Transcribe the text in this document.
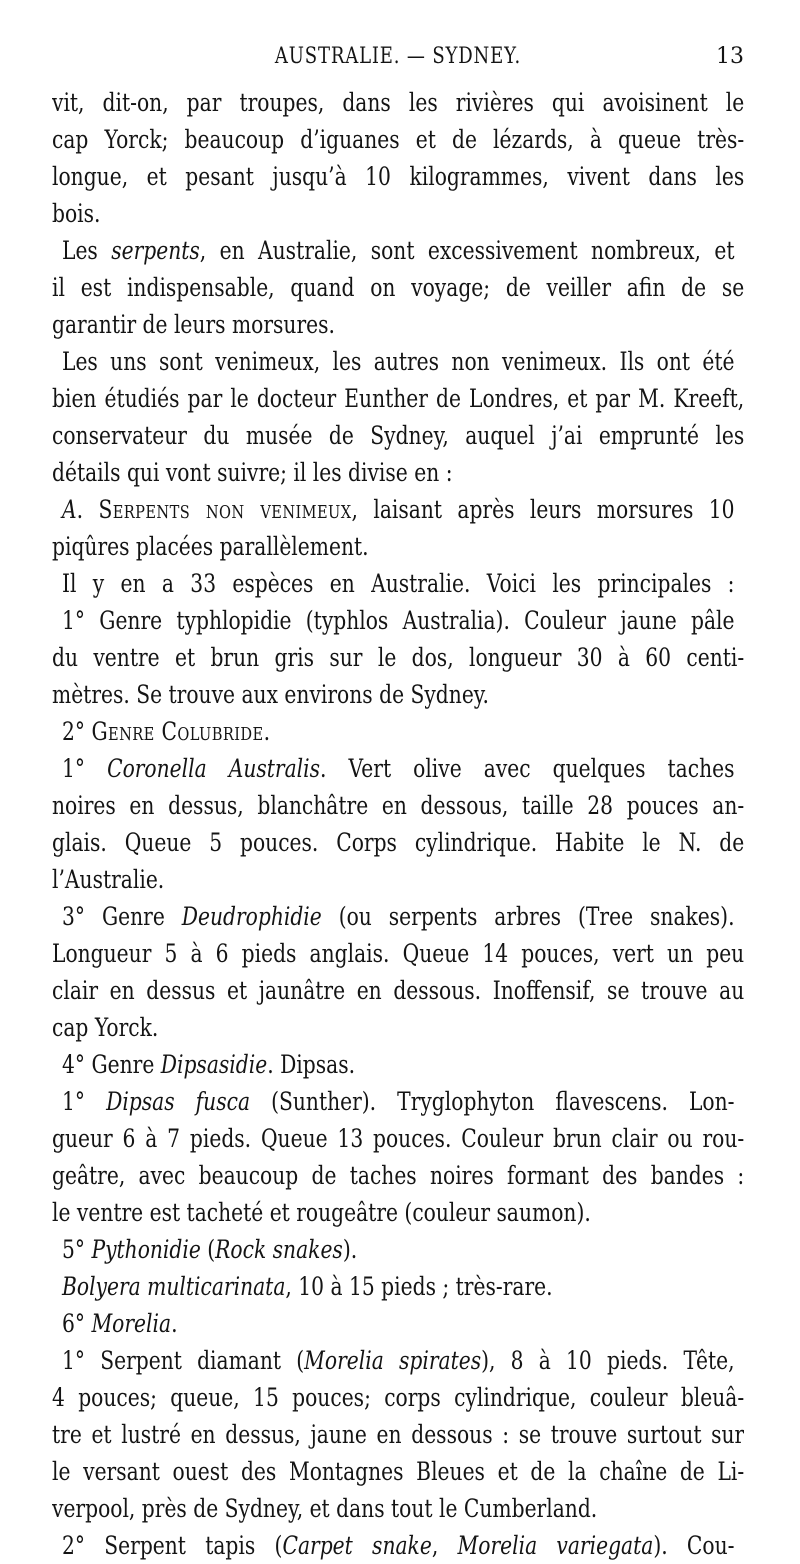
AUSTRALIE. — SYDNEY.	13
vit, dit-on, par troupes, dans les rivières qui avoisinent le
cap Yorck; beaucoup d’iguanes et de lézards, à queue très-
longue, et pesant jusqu’à 10 kilogrammes, vivent dans les
bois.
Les serpents, en Australie, sont excessivement nombreux, et
il est indispensable, quand on voyage; de veiller afin de se
garantir de leurs morsures.
Les uns sont venimeux, les autres non venimeux. Ils ont été
bien étudiés par le docteur Eunther de Londres, et par M. Kreeft,
conservateur du musée de Sydney, auquel j’ai emprunté les
détails qui vont suivre; il les divise en :
A. Serpents non venimeux, laisant après leurs morsures 10
piqûres placées parallèlement.
Il y en a 33 espèces en Australie. Voici les principales :
1° Genre typhlopidie (typhlos Australia). Couleur jaune pâle
du ventre et brun gris sur le dos, longueur 30 à 60 centi-
mètres. Se trouve aux environs de Sydney.
2° Genre Colubride.
1° Coronella Australis. Vert olive avec quelques taches
noires en dessus, blanchâtre en dessous, taille 28 pouces an-
glais. Queue 5 pouces. Corps cylindrique. Habite le N. de
l’Australie.
3° Genre Deudrophidie (ou serpents arbres (Tree snakes).
Longueur 5 à 6 pieds anglais. Queue 14 pouces, vert un peu
clair en dessus et jaunâtre en dessous. Inoffensif, se trouve au
cap Yorck.
4° Genre Dipsasidie. Dipsas.
1° Dipsas fusca (Sunther). Tryglophyton flavescens. Lon-
gueur 6 à 7 pieds. Queue 13 pouces. Couleur brun clair ou rou-
geâtre, avec beaucoup de taches noires formant des bandes :
le ventre est tacheté et rougeâtre (couleur saumon).
5° Pythonidie (Rock snakes).
Bolyera multicarinata, 10 à 15 pieds ; très-rare.
6° Morelia.
1° Serpent diamant (Morelia spirates), 8 à 10 pieds. Tête,
4 pouces; queue, 15 pouces; corps cylindrique, couleur bleuâ-
tre et lustré en dessus, jaune en dessous : se trouve surtout sur
le versant ouest des Montagnes Bleues et de la chaîne de Li-
verpool, près de Sydney, et dans tout le Cumberland.
2° Serpent tapis (Carpet snake, Morelia variegata). Cou-
